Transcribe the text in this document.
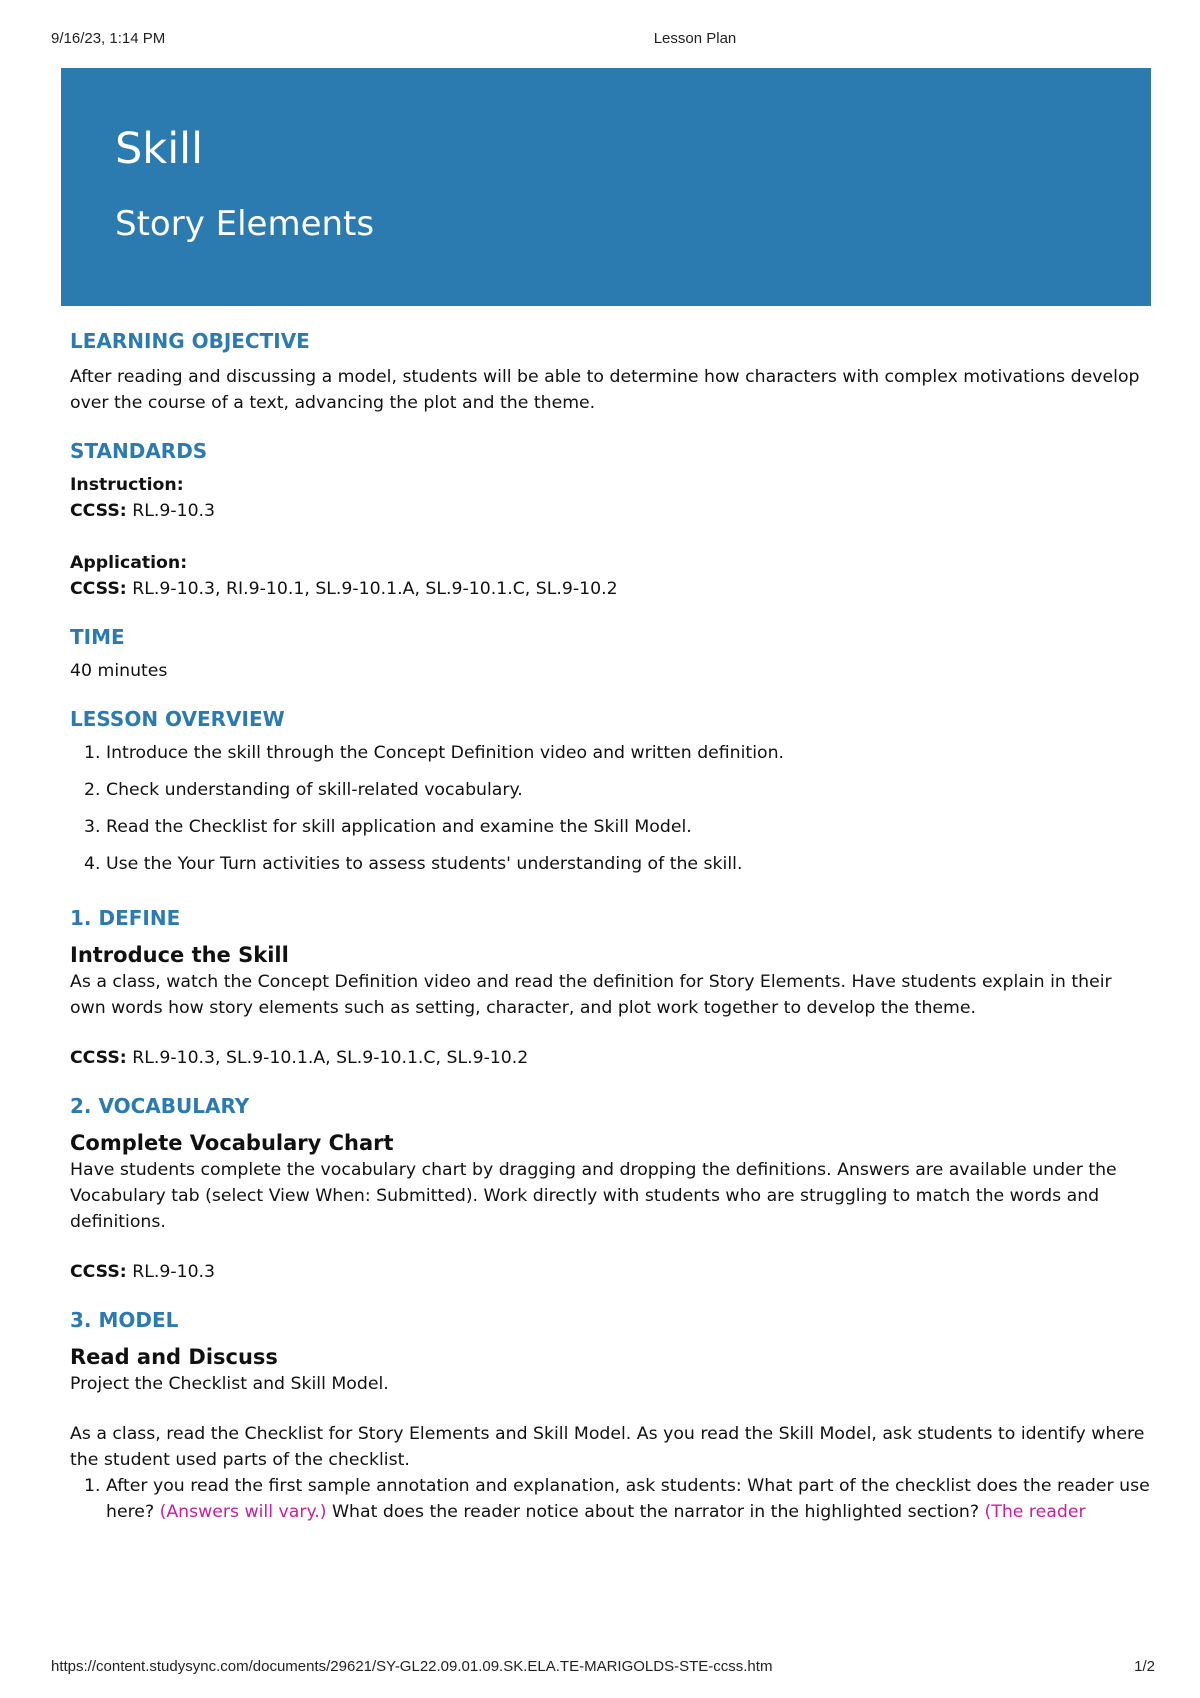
9/16/23, 1:14 PM	Lesson Plan
Skill
Story Elements
LEARNING OBJECTIVE

After reading and discussing a model, students will be able to determine how characters with complex motivations develop over the course of a text, advancing the plot and the theme.

STANDARDS

Instruction:

CCSS: RL.9-10.3

Application:

CCSS: RL.9-10.3, RI.9-10.1, SL.9-10.1.A, SL.9-10.1.C, SL.9-10.2

TIME

40 minutes

LESSON OVERVIEW
1. Introduce the skill through the Concept Definition video and written definition.
2. Check understanding of skill-related vocabulary.
3. Read the Checklist for skill application and examine the Skill Model.
4. Use the Your Turn activities to assess students' understanding of the skill.
1. DEFINE
Introduce the Skill

As a class, watch the Concept Definition video and read the definition for Story Elements. Have students explain in their own words how story elements such as setting, character, and plot work together to develop the theme.

CCSS: RL.9-10.3, SL.9-10.1.A, SL.9-10.1.C, SL.9-10.2

2. VOCABULARY
Complete Vocabulary Chart

Have students complete the vocabulary chart by dragging and dropping the definitions. Answers are available under the Vocabulary tab (select View When: Submitted). Work directly with students who are struggling to match the words and definitions.

CCSS: RL.9-10.3

3. MODEL
Read and Discuss

Project the Checklist and Skill Model.

As a class, read the Checklist for Story Elements and Skill Model. As you read the Skill Model, ask students to identify where the student used parts of the checklist.

1. After you read the first sample annotation and explanation, ask students: What part of the checklist does the reader use here? (Answers will vary.) What does the reader notice about the narrator in the highlighted section? (The reader
https://content.studysync.com/documents/29621/SY-GL22.09.01.09.SK.ELA.TE-MARIGOLDS-STE-ccss.htm	1/2
